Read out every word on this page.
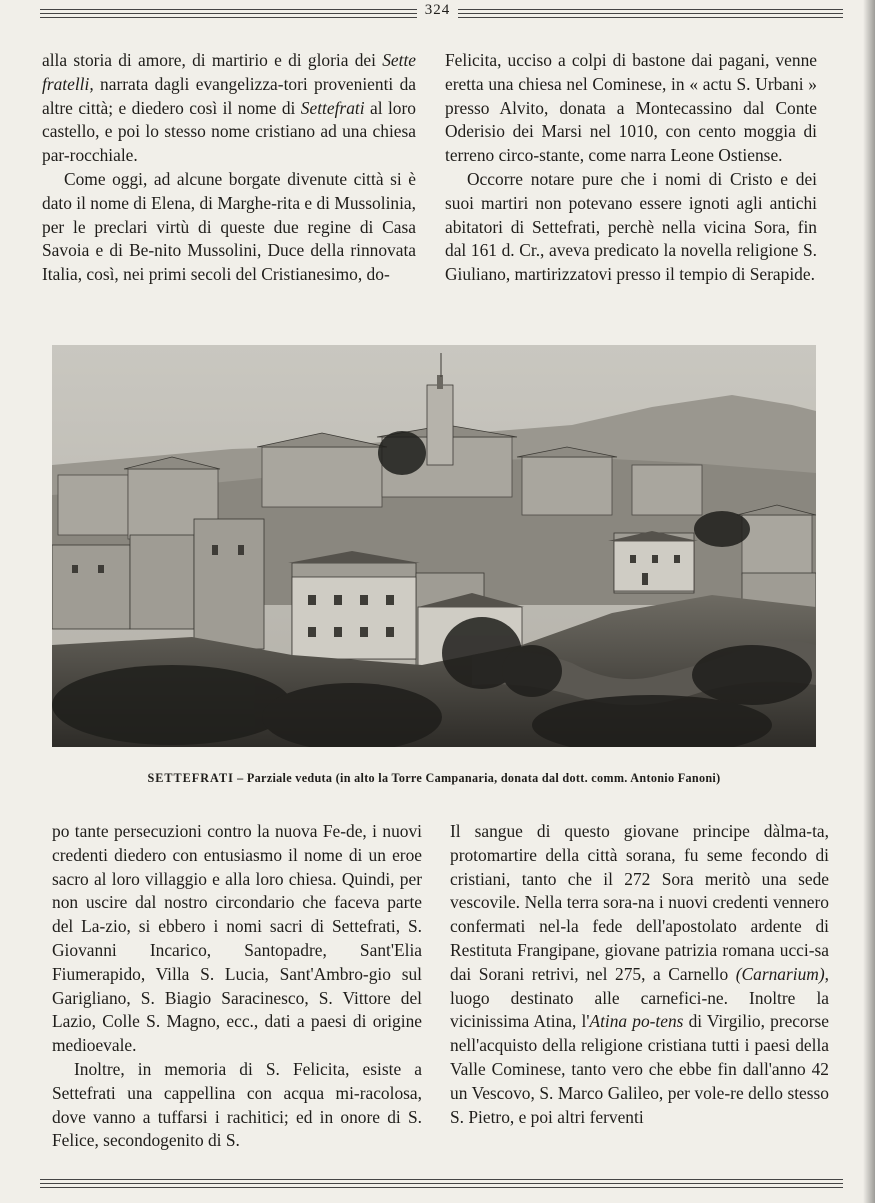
324

alla storia di amore, di martirio e di gloria dei Sette fratelli, narrata dagli evangelizza-tori provenienti da altre città; e diedero così il nome di Settefrati al loro castello, e poi lo stesso nome cristiano ad una chiesa par-rocchiale.

Come oggi, ad alcune borgate divenute città si è dato il nome di Elena, di Marghe-rita e di Mussolinia, per le preclari virtù di queste due regine di Casa Savoia e di Be-nito Mussolini, Duce della rinnovata Italia, così, nei primi secoli del Cristianesimo, do-

Felicita, ucciso a colpi di bastone dai pagani, venne eretta una chiesa nel Cominese, in « actu S. Urbani » presso Alvito, donata a Montecassino dal Conte Oderisio dei Marsi nel 1010, con cento moggia di terreno circo-stante, come narra Leone Ostiense.

Occorre notare pure che i nomi di Cristo e dei suoi martiri non potevano essere ignoti agli antichi abitatori di Settefrati, perchè nella vicina Sora, fin dal 161 d. Cr., aveva predicato la novella religione S. Giuliano, martirizzatovi presso il tempio di Serapide.

SETTEFRATI – Parziale veduta (in alto la Torre Campanaria, donata dal dott. comm. Antonio Fanoni)

po tante persecuzioni contro la nuova Fe-de, i nuovi credenti diedero con entusiasmo il nome di un eroe sacro al loro villaggio e alla loro chiesa. Quindi, per non uscire dal nostro circondario che faceva parte del La-zio, si ebbero i nomi sacri di Settefrati, S. Giovanni Incarico, Santopadre, Sant'Elia Fiumerapido, Villa S. Lucia, Sant'Ambro-gio sul Garigliano, S. Biagio Saracinesco, S. Vittore del Lazio, Colle S. Magno, ecc., dati a paesi di origine medioevale.

Inoltre, in memoria di S. Felicita, esiste a Settefrati una cappellina con acqua mi-racolosa, dove vanno a tuffarsi i rachitici; ed in onore di S. Felice, secondogenito di S.

Il sangue di questo giovane principe dàlma-ta, protomartire della città sorana, fu seme fecondo di cristiani, tanto che il 272 Sora meritò una sede vescovile. Nella terra sora-na i nuovi credenti vennero confermati nel-la fede dell'apostolato ardente di Restituta Frangipane, giovane patrizia romana ucci-sa dai Sorani retrivi, nel 275, a Carnello (Carnarium), luogo destinato alle carnefici-ne. Inoltre la vicinissima Atina, l'Atina po-tens di Virgilio, precorse nell'acquisto della religione cristiana tutti i paesi della Valle Cominese, tanto vero che ebbe fin dall'anno 42 un Vescovo, S. Marco Galileo, per vole-re dello stesso S. Pietro, e poi altri ferventi
